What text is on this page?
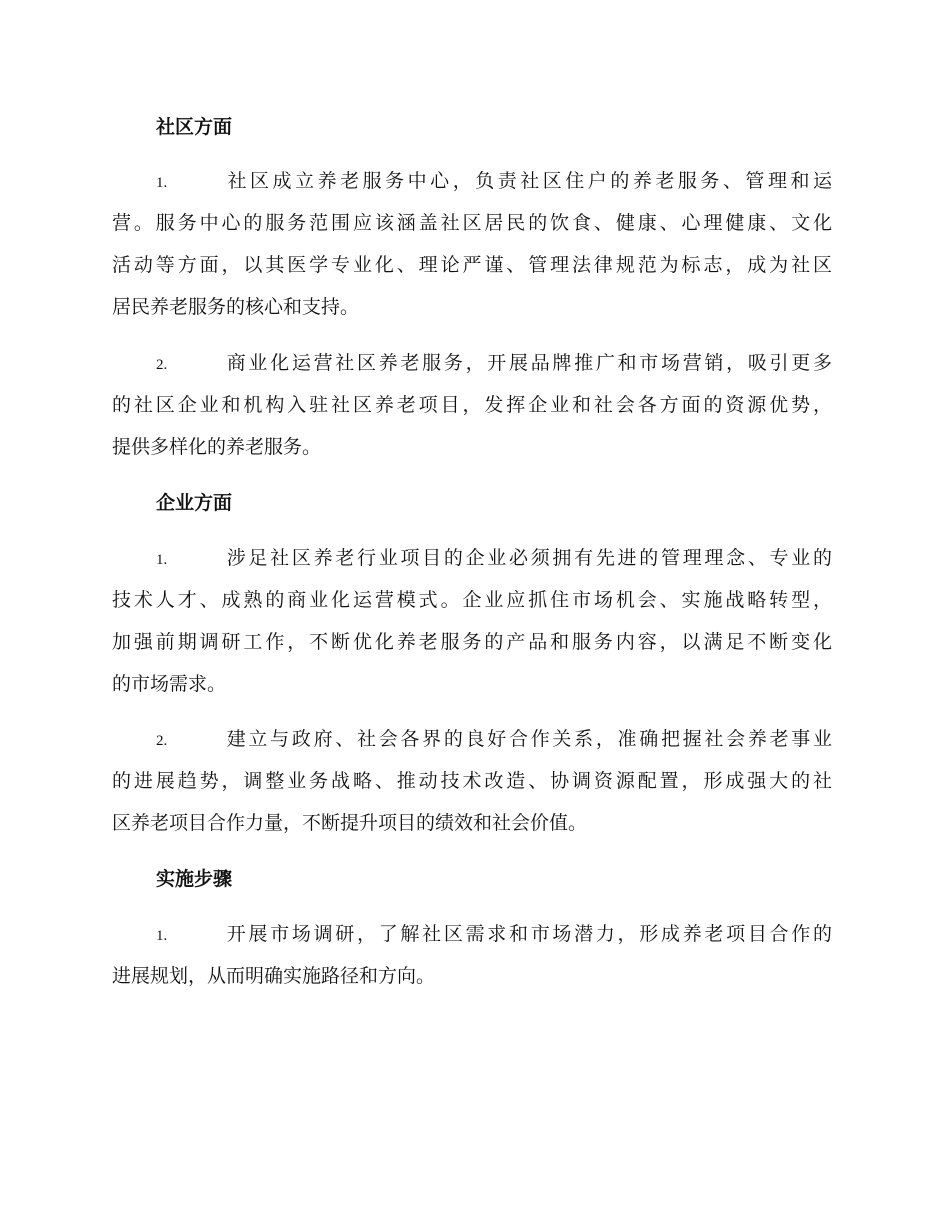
社区方面
1.	社区成立养老服务中心，负责社区住户的养老服务、管理和运
营。服务中心的服务范围应该涵盖社区居民的饮食、健康、心理健康、文化
活动等方面，以其医学专业化、理论严谨、管理法律规范为标志，成为社区
居民养老服务的核心和支持。
2.	商业化运营社区养老服务，开展品牌推广和市场营销，吸引更多
的社区企业和机构入驻社区养老项目，发挥企业和社会各方面的资源优势，
提供多样化的养老服务。
企业方面
1.	涉足社区养老行业项目的企业必须拥有先进的管理理念、专业的
技术人才、成熟的商业化运营模式。企业应抓住市场机会、实施战略转型，
加强前期调研工作，不断优化养老服务的产品和服务内容，以满足不断变化
的市场需求。
2.	建立与政府、社会各界的良好合作关系，准确把握社会养老事业
的进展趋势，调整业务战略、推动技术改造、协调资源配置，形成强大的社
区养老项目合作力量，不断提升项目的绩效和社会价值。
实施步骤
1.	开展市场调研，了解社区需求和市场潜力，形成养老项目合作的
进展规划，从而明确实施路径和方向。
